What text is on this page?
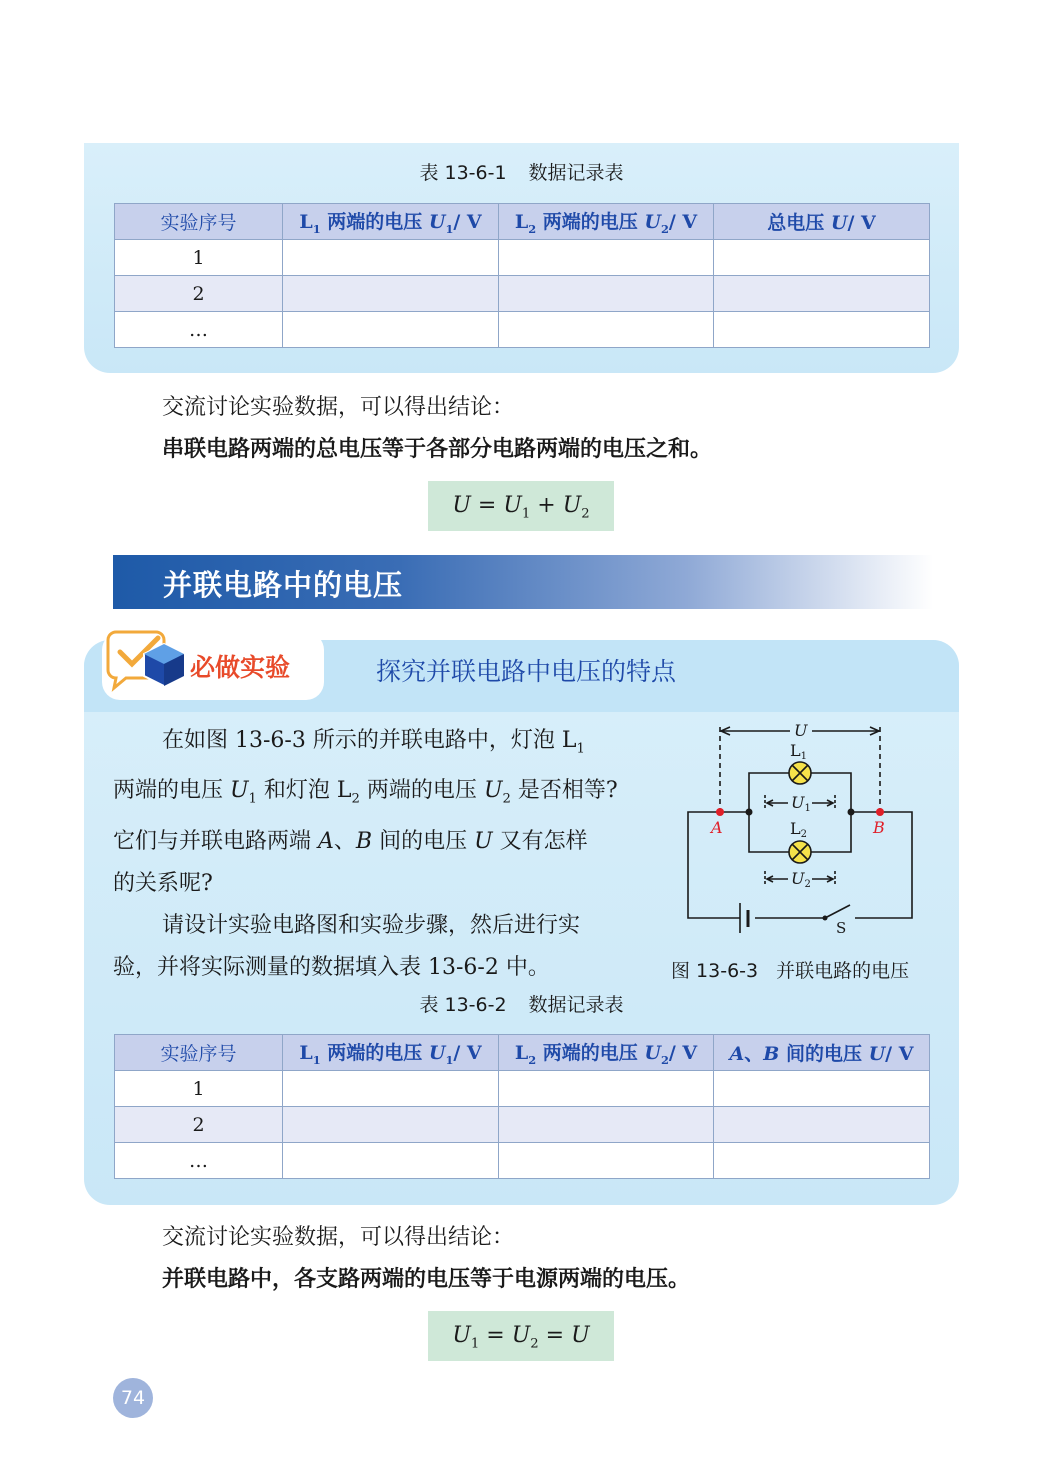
表 13-6-1 数据记录表
实验序号	$L_1$ 两端的电压 $U_1/$ V	$L_2$ 两端的电压 $U_2/$ V	总电压 U/ V
1			
2			
…			
交流讨论实验数据，可以得出结论：
串联电路两端的总电压等于各部分电路两端的电压之和。
$U = U_1 + U_2$
并联电路中的电压
必做实验	探究并联电路中电压的特点
在如图 13-6-3 所示的并联电路中，灯泡 $L_1$
两端的电压 $U_1$ 和灯泡 $L_2$ 两端的电压 $U_2$ 是否相等?
它们与并联电路两端 A、B 间的电压 U 又有怎样
的关系呢?
请设计实验电路图和实验步骤，然后进行实
验，并将实际测量的数据填入表 13-6-2 中。
U
L1
U1
L2
U2
A	B
S
图 13-6-3 并联电路的电压
表 13-6-2 数据记录表
实验序号	$L_1$ 两端的电压 $U_1/$ V	$L_2$ 两端的电压 $U_2/$ V	A、B 间的电压 U/ V
1			
2			
…			
交流讨论实验数据，可以得出结论：
并联电路中，各支路两端的电压等于电源两端的电压。
$U_1 = U_2 = U$
74
